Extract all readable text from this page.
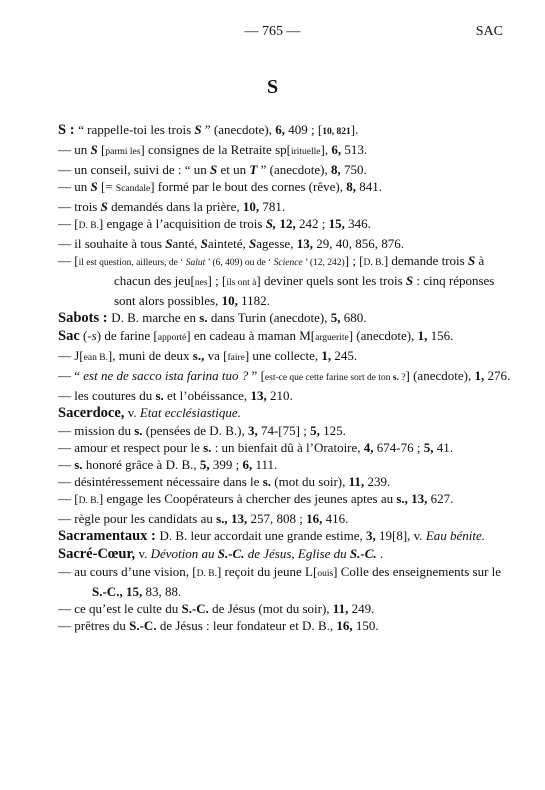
— 765 —	SAC
S

S : “ rappelle-toi les trois S ” (anecdote), 6, 409 ; [10, 821].

— un S [parmi les] consignes de la Retraite sp[irituelle], 6, 513.

— un conseil, suivi de : “ un S et un T ” (anecdote), 8, 750.

— un S [= Scandale] formé par le bout des cornes (rêve), 8, 841.

— trois S demandés dans la prière, 10, 781.

— [D. B.] engage à l’acquisition de trois S, 12, 242 ; 15, 346.

— il souhaite à tous Santé, Sainteté, Sagesse, 13, 29, 40, 856, 876.

— [il est question, ailleurs, de ‘ Salut ’ (6, 409) ou de ‘ Science ’ (12, 242)] ; [D. B.] demande trois S à chacun des jeu[nes] ; [ils ont à] deviner quels sont les trois S : cinq réponses sont alors possibles, 10, 1182.

Sabots : D. B. marche en s. dans Turin (anecdote), 5, 680.

Sac (-s) de farine [apporté] en cadeau à maman M[arguerite] (anecdote), 1, 156.

— J[ean B.], muni de deux s., va [faire] une collecte, 1, 245.

— “ est ne de sacco ista farina tuo ? ” [est-ce que cette farine sort de ton s. ?] (anecdote), 1, 276.

— les coutures du s. et l’obéissance, 13, 210.

Sacerdoce, v. Etat ecclésiastique.

— mission du s. (pensées de D. B.), 3, 74-[75] ; 5, 125.

— amour et respect pour le s. : un bienfait dû à l’Oratoire, 4, 674-76 ; 5, 41.

— s. honoré grâce à D. B., 5, 399 ; 6, 111.

— désintéressement nécessaire dans le s. (mot du soir), 11, 239.

— [D. B.] engage les Coopérateurs à chercher des jeunes aptes au s., 13, 627.

— règle pour les candidats au s., 13, 257, 808 ; 16, 416.

Sacramentaux : D. B. leur accordait une grande estime, 3, 19[8], v. Eau bénite.

Sacré-Cœur, v. Dévotion au S.-C. de Jésus, Eglise du S.-C. .

— au cours d’une vision, [D. B.] reçoit du jeune L[ouis] Colle des enseignements sur le S.-C., 15, 83, 88.

— ce qu’est le culte du S.-C. de Jésus (mot du soir), 11, 249.

— prêtres du S.-C. de Jésus : leur fondateur et D. B., 16, 150.
